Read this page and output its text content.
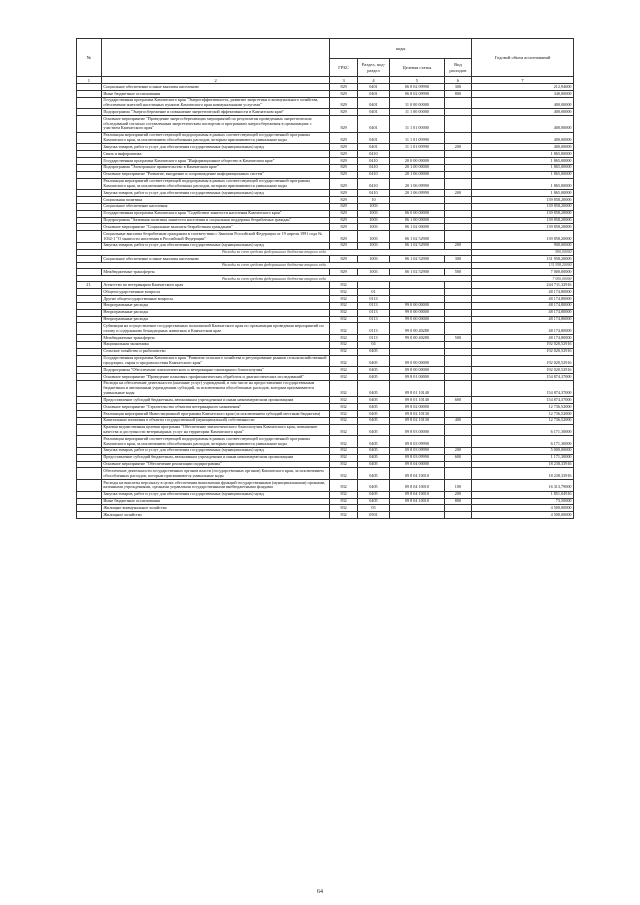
№		коды				Годовой объем ассигнований
		ГРБС	Раздел, под-раздел	Целевая статья	Вид расходов	
1	2	3	4	5	6	7
	Социальное обеспечение и иные выплаты населению	829	0401	06 8 02 09990	300	212,94600
	Иные бюджетные ассигнования	829	0401	06 8 02 09990	800	340,00000
	Государственная программа Камчатского края "Энергоэффективность, развитие энергетики и коммунального хозяйства, обеспечение жителей населенных пунктов Камчатского края коммунальными услугами"	829	0401	11 0 00 00000		400,00000
	Подпрограмма "Энергосбережение и повышение энергетической эффективности в Камчатском крае"	829	0401	11 1 00 00000		400,00000
	Основное мероприятие "Проведение энергосберегающих мероприятий по результатам проведенных энергетических обследований согласно составленным энергетическим паспортам и программам энергосбережения в организациях с участием Камчатского края"	829	0401	11 1 01 00000		400,00000
	Реализация мероприятий соответствующей подпрограммы в рамках соответствующей государственной программы Камчатского края, за исключением обособленных расходов, которым присваиваются уникальные коды	829	0401	11 1 01 09990		400,00000
	Закупка товаров, работ и услуг для обеспечения государственных (муниципальных) нужд	829	0401	11 1 01 09990	200	400,00000
	Связь и информатика	829	0410			1 865,00000
	Государственная программа Камчатского края "Информационное общество в Камчатском крае"	829	0410	20 0 00 00000		1 865,00000
	Подпрограмма "Электронное правительство в Камчатском крае"	829	0410	20 1 00 00000		1 865,00000
	Основное мероприятие "Развитие, внедрение и сопровождение информационных систем"	829	0410	20 1 06 00000		1 865,00000
	Реализация мероприятий соответствующей подпрограммы в рамках соответствующей государственной программы Камчатского края, за исключением обособленных расходов, которым присваиваются уникальные коды	829	0410	20 1 06 09990		1 865,00000
	Закупка товаров, работ и услуг для обеспечения государственных (муниципальных) нужд	829	0410	20 1 06 09990	200	1 865,00000
	Социальная политика	829	10			139 858,20000
	Социальное обеспечение населения	829	1003			139 858,20000
	Государственная программа Камчатского края "Содействие занятости населения Камчатского края"	829	1003	06 0 00 00000		139 858,20000
	Подпрограмма "Активная политика занятости населения и социальная поддержка безработных граждан"	829	1003	06 1 00 00000		139 858,20000
	Основное мероприятие "Социальные выплаты безработным гражданам"	829	1003	06 1 02 00000		139 858,20000
	Социальные выплаты безработным гражданам в соответствии с Законом Российской Федерации от 19 апреля 1991 года № 1032-1 "О занятости населения в Российской Федерации"	829	1003	06 1 02 52900		139 858,20000
	Закупка товаров, работ и услуг для обеспечения государственных (муниципальных) нужд	829	1003	06 1 02 52900	200	900,00000
Расходы за счет средств федерального бюджета второго года						900,00000
	Социальное обеспечение и иные выплаты населению	829	1003	06 1 02 52900	300	131 958,20000
Расходы за счет средств федерального бюджета второго года						131 958,20000
	Межбюджетные трансферты	829	1003	06 1 02 52900	500	7 000,00000
Расходы за счет средств федерального бюджета второго года						7 000,00000
21.	Агентство по ветеринарии Камчатского края	832				244 711,32916
	Общегосударственные вопросы	832	01			48 174,80000
	Другие общегосударственные вопросы	832	0113			48 174,80000
	Непрограммные расходы	832	0113	99 0 00 00000		48 174,80000
	Непрограммные расходы	832	0113	99 0 00 00000		48 174,80000
	Непрограммные расходы	832	0113	99 0 00 00000		48 174,80000
	Субвенции на осуществление государственных полномочий Камчатского края по организации проведения мероприятий по отлову и содержанию безнадзорных животных в Камчатском крае	832	0113	99 0 00 40280		48 174,80000
	Межбюджетные трансферты	832	0113	99 0 00 40280	500	48 174,80000
	Национальная экономика	832	04			192 020,52916
	Сельское хозяйство и рыболовство	832	0405			192 020,52916
	Государственная программа Камчатского края "Развитие сельского хозяйства и регулирование рынков сельскохозяйственной продукции, сырья и продовольствия Камчатского края"	832	0405	09 0 00 00000		192 020,52916
	Подпрограмма "Обеспечение эпизоотического и ветеринарно-санитарного благополучия"	832	0405	09 8 00 00000		192 020,52916
	Основное мероприятие "Проведение плановых профилактических обработок и диагностических исследований"	832	0405	09 8 01 00000		154 874,37000
	Расходы на обеспечение деятельности (оказание услуг) учреждений, в том числе на предоставление государственным бюджетным и автономным учреждениям субсидий, за исключением обособленных расходов, которым присваиваются уникальные коды	832	0405	09 8 01 10140		154 874,37000
	Предоставление субсидий бюджетным, автономным учреждениям и иным некоммерческим организациям	832	0405	09 8 01 10140	600	154 874,37000
	Основное мероприятие "Строительство объектов ветеринарного назначения"	832	0405	09 8 02 00000		12 736,52000
	Реализация мероприятий Инвестиционной программы Камчатского края (за исключением субсидий местным бюджетам)	832	0405	09 8 02 10130		12 736,52000
	Капитальные вложения в объекты государственной (муниципальной) собственности	832	0405	09 8 02 10130	400	12 736,52000
	Краевая ведомственная целевая программа "Обеспечение эпизоотического благополучия Камчатского края, повышение качества и доступности ветеринарных услуг на территории Камчатского края"	832	0405	09 8 03 00000		6 171,30000
	Реализация мероприятий соответствующей подпрограммы в рамках соответствующей государственной программы Камчатского края, за исключением обособленных расходов, которым присваиваются уникальные коды	832	0405	09 8 03 09990		6 171,30000
	Закупка товаров, работ и услуг для обеспечения государственных (муниципальных) нужд	832	0405	09 8 03 09990	200	5 000,00000
	Предоставление субсидий бюджетным, автономным учреждениям и иным некоммерческим организациям	832	0405	09 8 03 09990	600	1 171,30000
	Основное мероприятие "Обеспечение реализации подпрограммы"	832	0405	09 8 04 00000		18 238,33916
	Обеспечение деятельности государственных органов власти (государственных органов) Камчатского края, за исключением обособленных расходов, которым присваиваются уникальные коды	832	0405	09 8 04 10010		18 238,33916
	Расходы на выплаты персоналу в целях обеспечения выполнения функций государственными (муниципальными) органами, казенными учреждениями, органами управления государственными внебюджетными фондами	832	0405	09 8 04 10010	100	16 313,79000
	Закупка товаров, работ и услуг для обеспечения государственных (муниципальных) нужд	832	0405	09 8 04 10010	200	1 851,04916
	Иные бюджетные ассигнования	832	0405	09 8 04 10010	800	73,50000
	Жилищно-коммунальное хозяйство	832	05			4 500,00000
	Жилищное хозяйство	832	0501			4 500,00000
64
